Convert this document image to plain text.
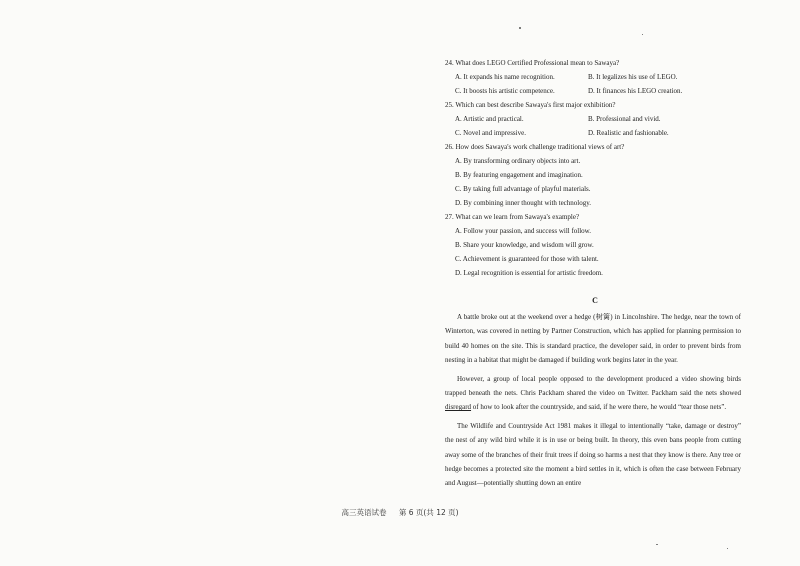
24. What does LEGO Certified Professional mean to Sawaya?
A. It expands his name recognition.	B. It legalizes his use of LEGO.
C. It boosts his artistic competence.	D. It finances his LEGO creation.
25. Which can best describe Sawaya's first major exhibition?
A. Artistic and practical.	B. Professional and vivid.
C. Novel and impressive.	D. Realistic and fashionable.
26. How does Sawaya's work challenge traditional views of art?
A. By transforming ordinary objects into art.
B. By featuring engagement and imagination.
C. By taking full advantage of playful materials.
D. By combining inner thought with technology.
27. What can we learn from Sawaya's example?
A. Follow your passion, and success will follow.
B. Share your knowledge, and wisdom will grow.
C. Achievement is guaranteed for those with talent.
D. Legal recognition is essential for artistic freedom.
C

A battle broke out at the weekend over a hedge (树篱) in Lincolnshire. The hedge, near the town of Winterton, was covered in netting by Partner Construction, which has applied for planning permission to build 40 homes on the site. This is standard practice, the developer said, in order to prevent birds from nesting in a habitat that might be damaged if building work begins later in the year.

However, a group of local people opposed to the development produced a video showing birds trapped beneath the nets. Chris Packham shared the video on Twitter. Packham said the nets showed disregard of how to look after the countryside, and said, if he were there, he would “tear those nets”.

The Wildlife and Countryside Act 1981 makes it illegal to intentionally “take, damage or destroy” the nest of any wild bird while it is in use or being built. In theory, this even bans people from cutting away some of the branches of their fruit trees if doing so harms a nest that they know is there. Any tree or hedge becomes a protected site the moment a bird settles in it, which is often the case between February and August—potentially shutting down an entire

高三英语试卷 第 6 页(共 12 页)
